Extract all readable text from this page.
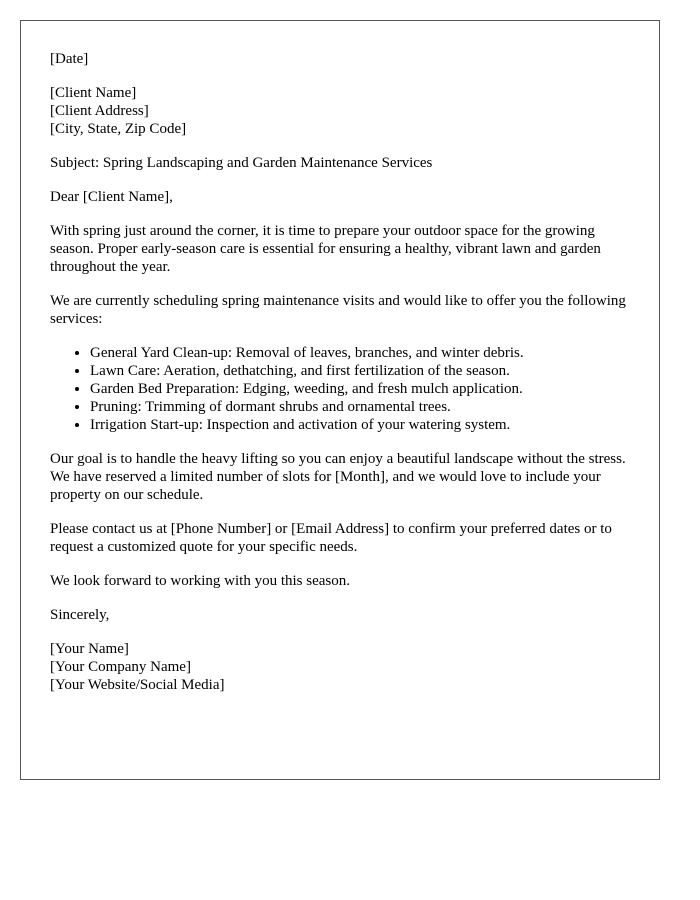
[Date]

[Client Name]
[Client Address]
[City, State, Zip Code]

Subject: Spring Landscaping and Garden Maintenance Services

Dear [Client Name],

With spring just around the corner, it is time to prepare your outdoor space for the growing season. Proper early-season care is essential for ensuring a healthy, vibrant lawn and garden throughout the year.

We are currently scheduling spring maintenance visits and would like to offer you the following services:

• General Yard Clean-up: Removal of leaves, branches, and winter debris.
• Lawn Care: Aeration, dethatching, and first fertilization of the season.
• Garden Bed Preparation: Edging, weeding, and fresh mulch application.
• Pruning: Trimming of dormant shrubs and ornamental trees.
• Irrigation Start-up: Inspection and activation of your watering system.

Our goal is to handle the heavy lifting so you can enjoy a beautiful landscape without the stress. We have reserved a limited number of slots for [Month], and we would love to include your property on our schedule.

Please contact us at [Phone Number] or [Email Address] to confirm your preferred dates or to request a customized quote for your specific needs.

We look forward to working with you this season.

Sincerely,

[Your Name]
[Your Company Name]
[Your Website/Social Media]
